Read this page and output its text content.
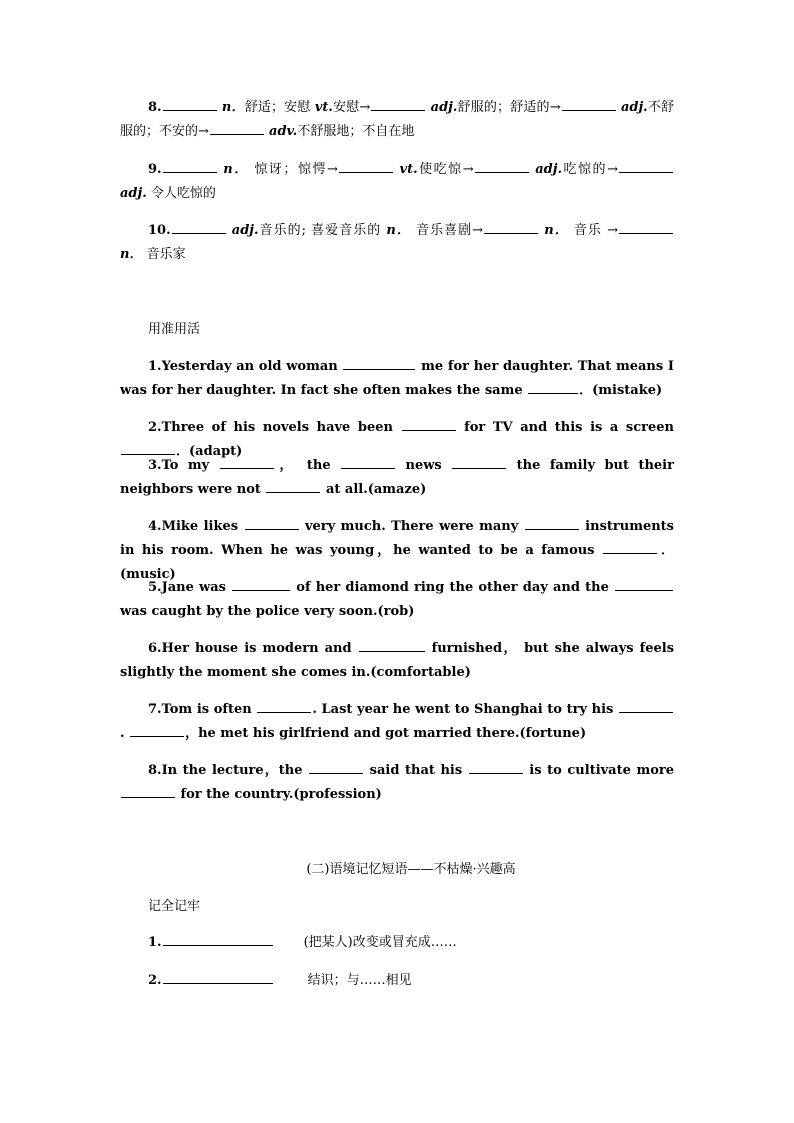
8.	n．舒适；安慰 vt.安慰→	adj.舒服的；舒适的→	adj.不舒服的；不安的→	adv.不舒服地；不自在地

9.	n． 惊讶；惊愕→	vt.使吃惊→	adj.吃惊的→ adj. 令人吃惊的

10.	adj.音乐的; 喜爱音乐的 n． 音乐喜剧→	n． 音乐 → n． 音乐家

用准用活

1.Yesterday an old woman	me for her daughter. That means I was for her daughter. In fact she often makes the same	．(mistake)

2.Three of his novels have been	for TV and this is a screen ．(adapt)

3.To my	， the	news	the family but their neighbors were not	at all.(amaze)

4.Mike likes	very much. There were many	instruments in his room. When he was young，he wanted to be a famous	．(music)

5.Jane was	of her diamond ring the other day and the  was caught by the police very soon.(rob)

6.Her house is modern and	furnished， but she always feels slightly the moment she comes in.(comfortable)

7.Tom is often	. Last year he went to Shanghai to try his .	，he met his girlfriend and got married there.(fortune)

8.In the lecture，the	said that his	is to cultivate more  for the country.(profession)

(二)语境记忆短语——不枯燥·兴趣高

记全记牢

1.	(把某人)改变或冒充成……

2.	结识；与……相见
